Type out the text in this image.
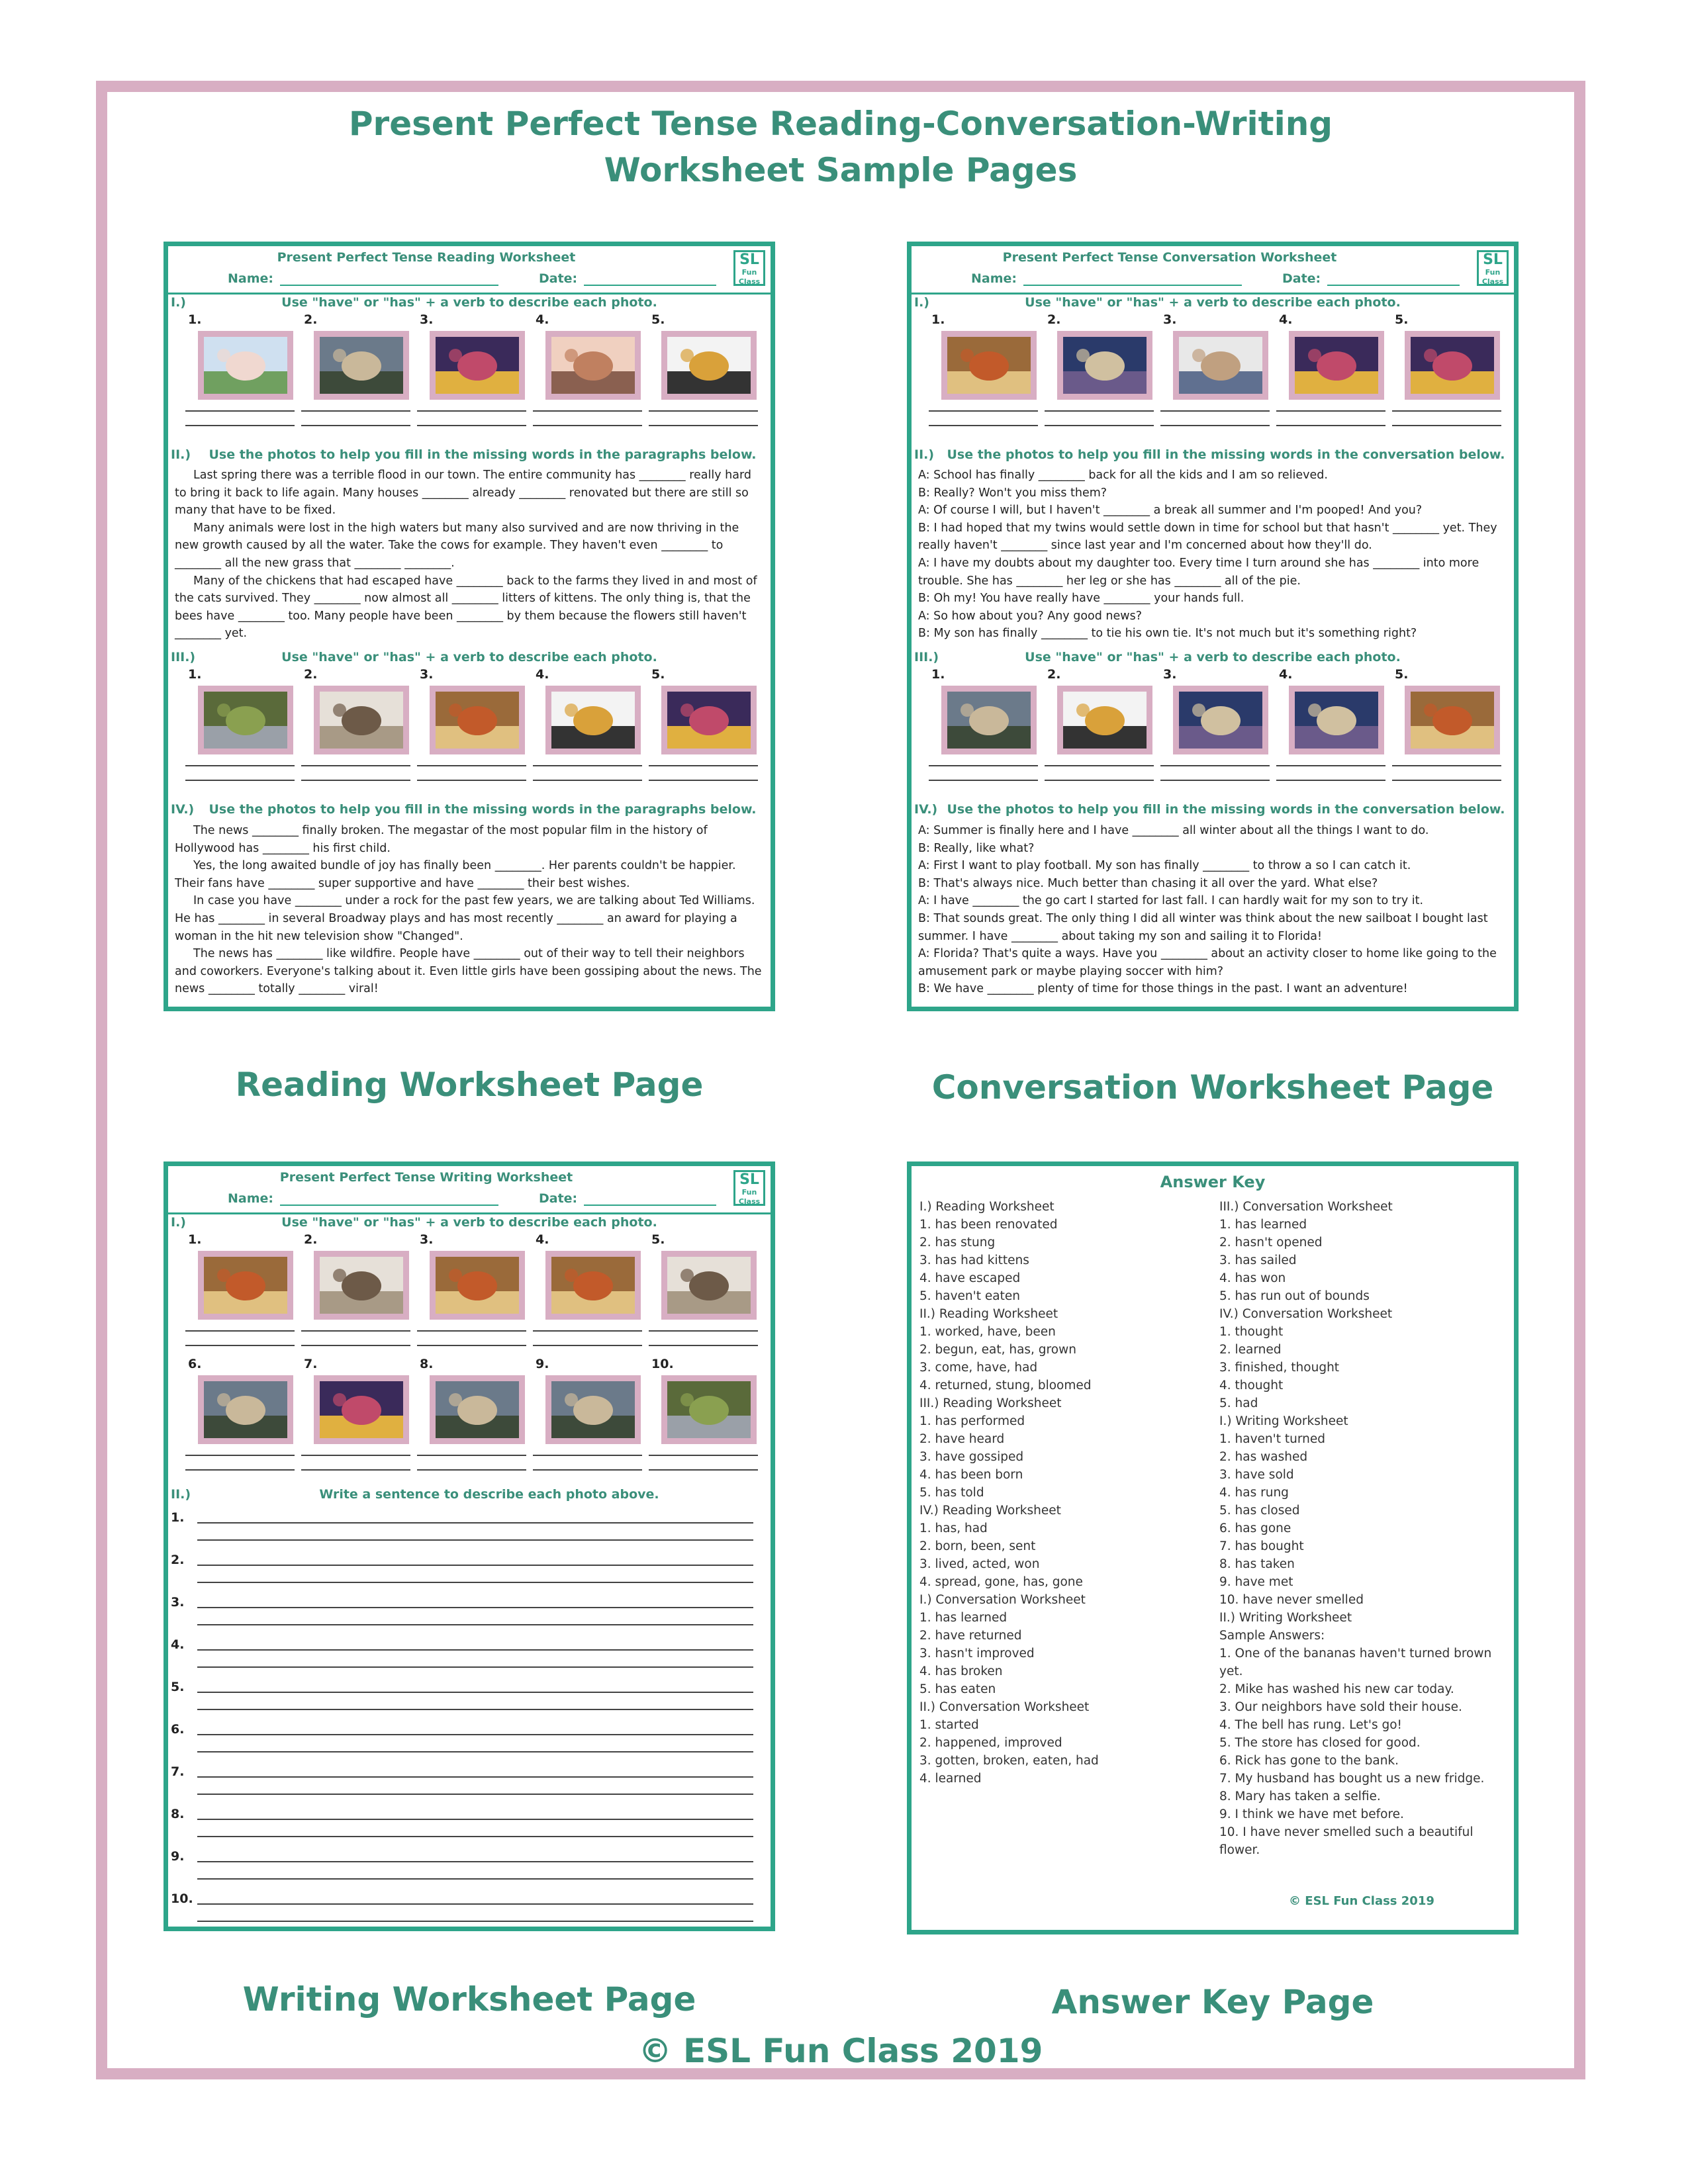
Present Perfect Tense Reading-Conversation-Writing
Worksheet Sample Pages
Present Perfect Tense Reading Worksheet
Name:	Date:
SL
Fun Class
I.)	Use "have" or "has" + a verb to describe each photo.
1.	2.	3.	4.	5.
II.)	Use the photos to help you fill in the missing words in the paragraphs below.

Last spring there was a terrible flood in our town. The entire community has ________ really hard to bring it back to life again. Many houses ________ already ________ renovated but there are still so many that have to be fixed.

Many animals were lost in the high waters but many also survived and are now thriving in the new growth caused by all the water. Take the cows for example. They haven't even ________ to ________ all the new grass that ________ ________.

Many of the chickens that had escaped have ________ back to the farms they lived in and most of the cats survived. They ________ now almost all ________ litters of kittens. The only thing is, that the bees have ________ too. Many people have been ________ by them because the flowers still haven't ________ yet.

III.)	Use "have" or "has" + a verb to describe each photo.
1.	2.	3.	4.	5.
IV.)	Use the photos to help you fill in the missing words in the paragraphs below.

The news ________ finally broken. The megastar of the most popular film in the history of Hollywood has ________ his first child.

Yes, the long awaited bundle of joy has finally been ________. Her parents couldn't be happier. Their fans have ________ super supportive and have ________ their best wishes.

In case you have ________ under a rock for the past few years, we are talking about Ted Williams. He has ________ in several Broadway plays and has most recently ________ an award for playing a woman in the hit new television show "Changed".

The news has ________ like wildfire. People have ________ out of their way to tell their neighbors and coworkers. Everyone's talking about it. Even little girls have been gossiping about the news. The news ________ totally ________ viral!

Present Perfect Tense Conversation Worksheet
Name:	Date:
SL
Fun Class
I.)	Use "have" or "has" + a verb to describe each photo.
1.	2.	3.	4.	5.
II.)	Use the photos to help you fill in the missing words in the conversation below.

A: School has finally ________ back for all the kids and I am so relieved.

B: Really? Won't you miss them?

A: Of course I will, but I haven't ________ a break all summer and I'm pooped! And you?

B: I had hoped that my twins would settle down in time for school but that hasn't ________ yet. They really haven't ________ since last year and I'm concerned about how they'll do.

A: I have my doubts about my daughter too. Every time I turn around she has ________ into more trouble. She has ________ her leg or she has ________ all of the pie.

B: Oh my! You have really have ________ your hands full.

A: So how about you? Any good news?

B: My son has finally ________ to tie his own tie. It's not much but it's something right?

III.)	Use "have" or "has" + a verb to describe each photo.
1.	2.	3.	4.	5.
IV.) Use the photos to help you fill in the missing words in the conversation below.

A: Summer is finally here and I have ________ all winter about all the things I want to do.

B: Really, like what?

A: First I want to play football. My son has finally ________ to throw a so I can catch it.

B: That's always nice. Much better than chasing it all over the yard. What else?

A: I have ________ the go cart I started for last fall. I can hardly wait for my son to try it.

B: That sounds great. The only thing I did all winter was think about the new sailboat I bought last summer. I have ________ about taking my son and sailing it to Florida!

A: Florida? That's quite a ways. Have you ________ about an activity closer to home like going to the amusement park or maybe playing soccer with him?

B: We have ________ plenty of time for those things in the past. I want an adventure!

Reading Worksheet Page	Conversation Worksheet Page
Present Perfect Tense Writing Worksheet
Name:	Date:
SL
Fun Class
I.)	Use "have" or "has" + a verb to describe each photo.
1.	2.	3.	4.	5.
6.	7.	8.	9.	10.
II.)	Write a sentence to describe each photo above.
1.
2.
3.
4.
5.
6.
7.
8.
9.
10.
Answer Key
I.) Reading Worksheet
1. has been renovated
2. has stung
3. has had kittens
4. have escaped
5. haven't eaten
II.) Reading Worksheet
1. worked, have, been
2. begun, eat, has, grown
3. come, have, had
4. returned, stung, bloomed
III.) Reading Worksheet
1. has performed
2. have heard
3. have gossiped
4. has been born
5. has told
IV.) Reading Worksheet
1. has, had
2. born, been, sent
3. lived, acted, won
4. spread, gone, has, gone
I.) Conversation Worksheet
1. has learned
2. have returned
3. hasn't improved
4. has broken
5. has eaten
II.) Conversation Worksheet
1. started
2. happened, improved
3. gotten, broken, eaten, had
4. learned
III.) Conversation Worksheet
1. has learned
2. hasn't opened
3. has sailed
4. has won
5. has run out of bounds
IV.) Conversation Worksheet
1. thought
2. learned
3. finished, thought
4. thought
5. had
I.) Writing Worksheet
1. haven't turned
2. has washed
3. have sold
4. has rung
5. has closed
6. has gone
7. has bought
8. has taken
9. have met
10. have never smelled
II.) Writing Worksheet
Sample Answers:
1. One of the bananas haven't turned brown
yet.
2. Mike has washed his new car today.
3. Our neighbors have sold their house.
4. The bell has rung. Let's go!
5. The store has closed for good.
6. Rick has gone to the bank.
7. My husband has bought us a new fridge.
8. Mary has taken a selfie.
9. I think we have met before.
10. I have never smelled such a beautiful
flower.
© ESL Fun Class 2019
Writing Worksheet Page	Answer Key Page
© ESL Fun Class 2019
